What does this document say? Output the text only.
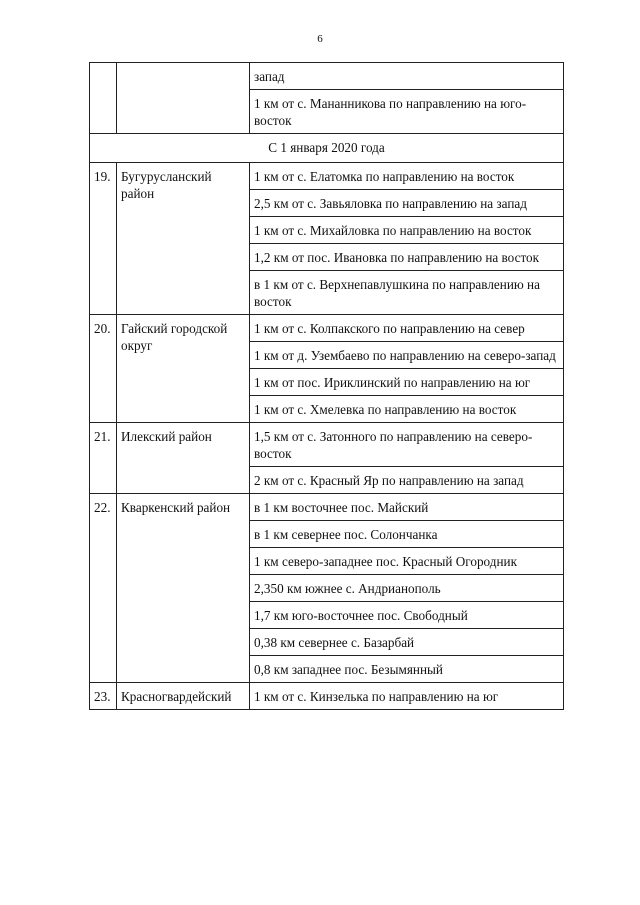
6

		запад

		1 км от с. Мананникова по направлению на юго-восток

С 1 января 2020 года		
19.	Бугурусланский район	1 км от с. Елатомка по направлению на восток

		2,5 км от с. Завьяловка по направлению на запад

		1 км от с. Михайловка по направлению на восток

		1,2 км от пос. Ивановка по направлению на восток

		в 1 км от с. Верхнепавлушкина по направлению на восток

20.	Гайский городской округ	1 км от с. Колпакского по направлению на север

		1 км от д. Узембаево по направлению на северо-запад

		1 км от пос. Ириклинский по направлению на юг

		1 км от с. Хмелевка по направлению на восток

21.	Илекский район	1,5 км от с. Затонного по направлению на северо-восток

		2 км от с. Красный Яр по направлению на запад

22.	Кваркенский район	в 1 км восточнее пос. Майский

		в 1 км севернее пос. Солончанка

		1 км северо-западнее пос. Красный Огородник

		2,350 км южнее с. Андрианополь

		1,7 км юго-восточнее пос. Свободный

		0,38 км севернее с. Базарбай

		0,8 км западнее пос. Безымянный

23.	Красногвардейский	1 км от с. Кинзелька по направлению на юг
